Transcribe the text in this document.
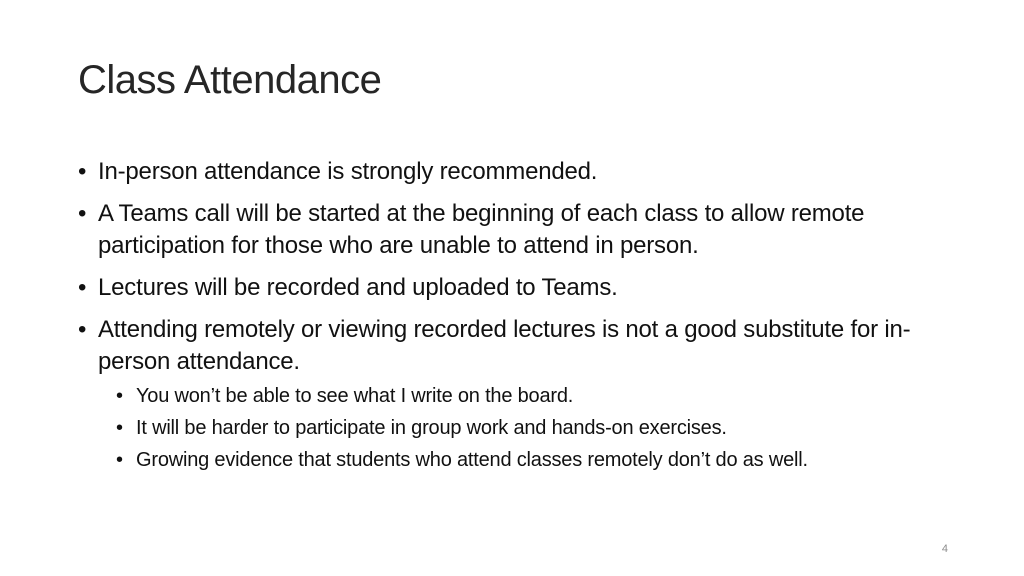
Class Attendance
• In-person attendance is strongly recommended.
• A Teams call will be started at the beginning of each class to allow remote participation for those who are unable to attend in person.
• Lectures will be recorded and uploaded to Teams.
• Attending remotely or viewing recorded lectures is not a good substitute for in-person attendance.
• You won’t be able to see what I write on the board.
• It will be harder to participate in group work and hands-on exercises.
• Growing evidence that students who attend classes remotely don’t do as well.
4
